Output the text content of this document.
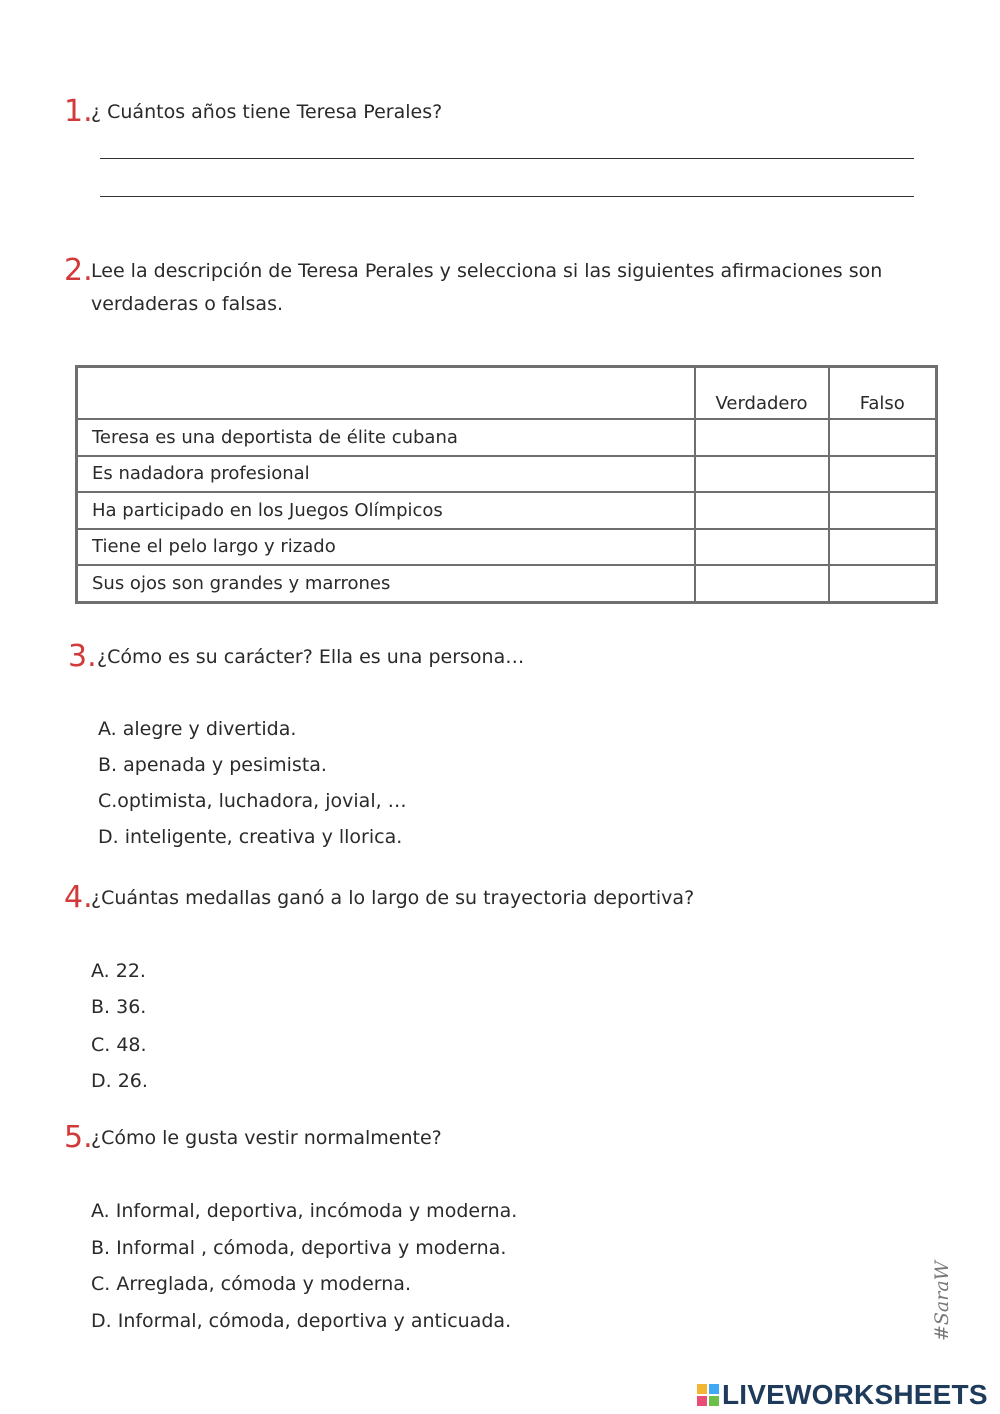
1.
¿ Cuántos años tiene Teresa Perales?
2.
Lee la descripción de Teresa Perales y selecciona si las siguientes afirmaciones son verdaderas o falsas.
	Verdadero	Falso
Teresa es una deportista de élite cubana		
Es nadadora profesional		
Ha participado en los Juegos Olímpicos		
Tiene el pelo largo y rizado		
Sus ojos son grandes y marrones		
3. ¿Cómo es su carácter? Ella es una persona…
A. alegre y divertida.
B. apenada y pesimista.
C.optimista, luchadora, jovial, …
D. inteligente, creativa y llorica.
4.
¿Cuántas medallas ganó a lo largo de su trayectoria deportiva?
A. 22.
B. 36.
C. 48.
D. 26.
5.
¿Cómo le gusta vestir normalmente?
A. Informal, deportiva, incómoda y moderna.
B. Informal , cómoda, deportiva y moderna.
C. Arreglada, cómoda y moderna.
D. Informal, cómoda, deportiva y anticuada.	#SaraW
LIVEWORKSHEETS
